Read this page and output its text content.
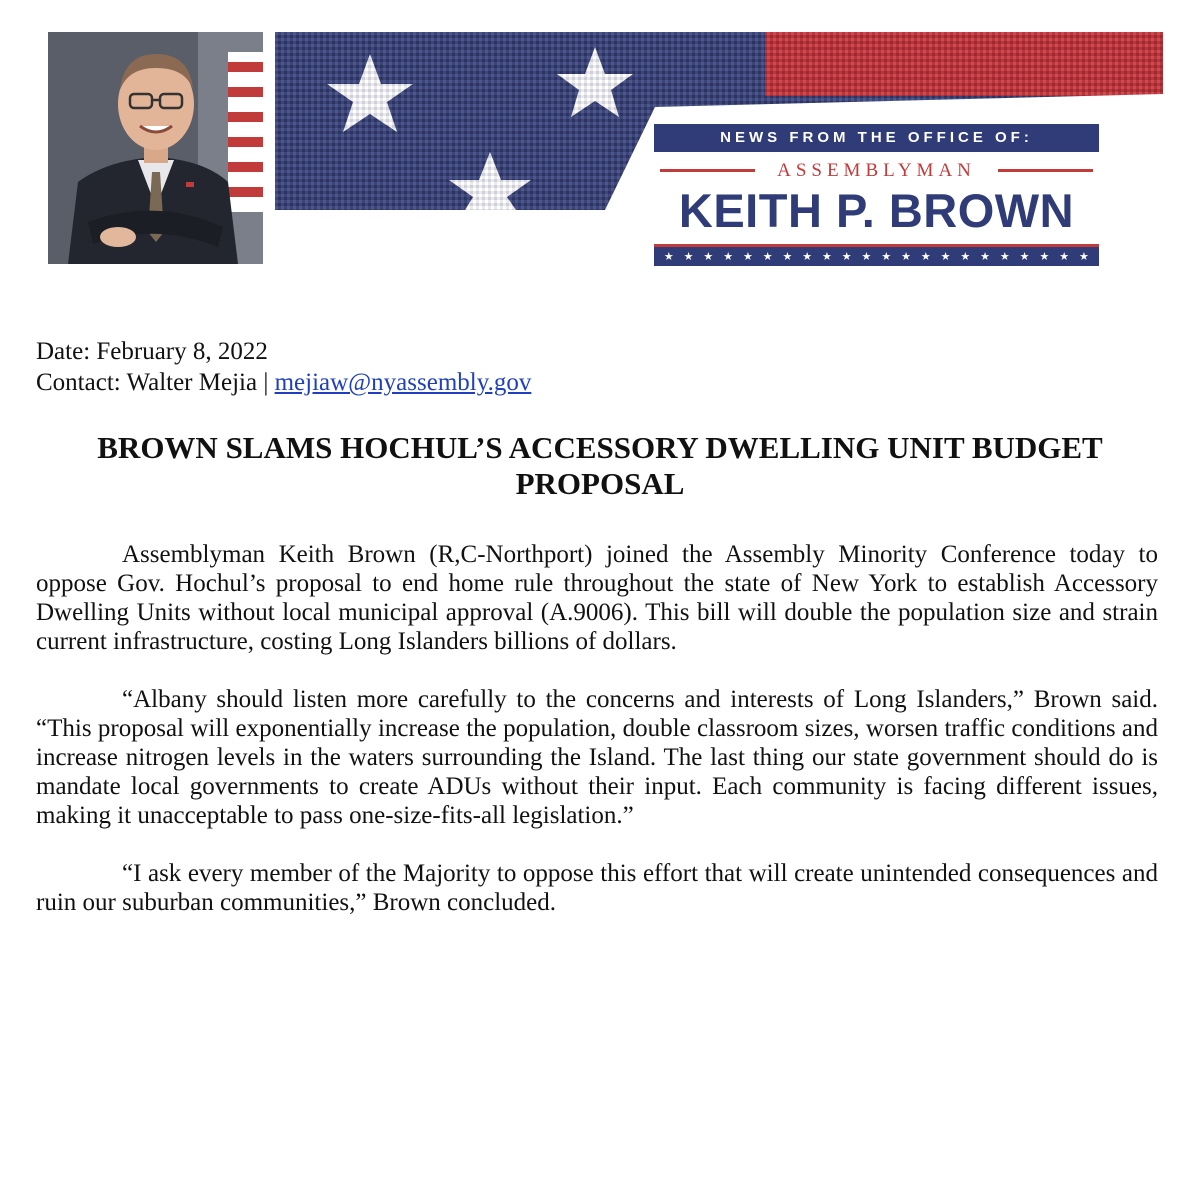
NEWS FROM THE OFFICE OF:
ASSEMBLYMAN
KEITH P. BROWN
★ ★ ★ ★ ★ ★ ★ ★ ★ ★ ★ ★ ★ ★ ★ ★ ★ ★ ★ ★ ★ ★
Date: February 8, 2022
Contact: Walter Mejia | mejiaw@nyassembly.gov
BROWN SLAMS HOCHUL’S ACCESSORY DWELLING UNIT BUDGET
PROPOSAL

Assemblyman Keith Brown (R,C-Northport) joined the Assembly Minority Conference today to oppose Gov. Hochul’s proposal to end home rule throughout the state of New York to establish Accessory Dwelling Units without local municipal approval (A.9006). This bill will double the population size and strain current infrastructure, costing Long Islanders billions of dollars.

“Albany should listen more carefully to the concerns and interests of Long Islanders,” Brown said. “This proposal will exponentially increase the population, double classroom sizes, worsen traffic conditions and increase nitrogen levels in the waters surrounding the Island. The last thing our state government should do is mandate local governments to create ADUs without their input. Each community is facing different issues, making it unacceptable to pass one-size-fits-all legislation.”

“I ask every member of the Majority to oppose this effort that will create unintended consequences and ruin our suburban communities,” Brown concluded.
